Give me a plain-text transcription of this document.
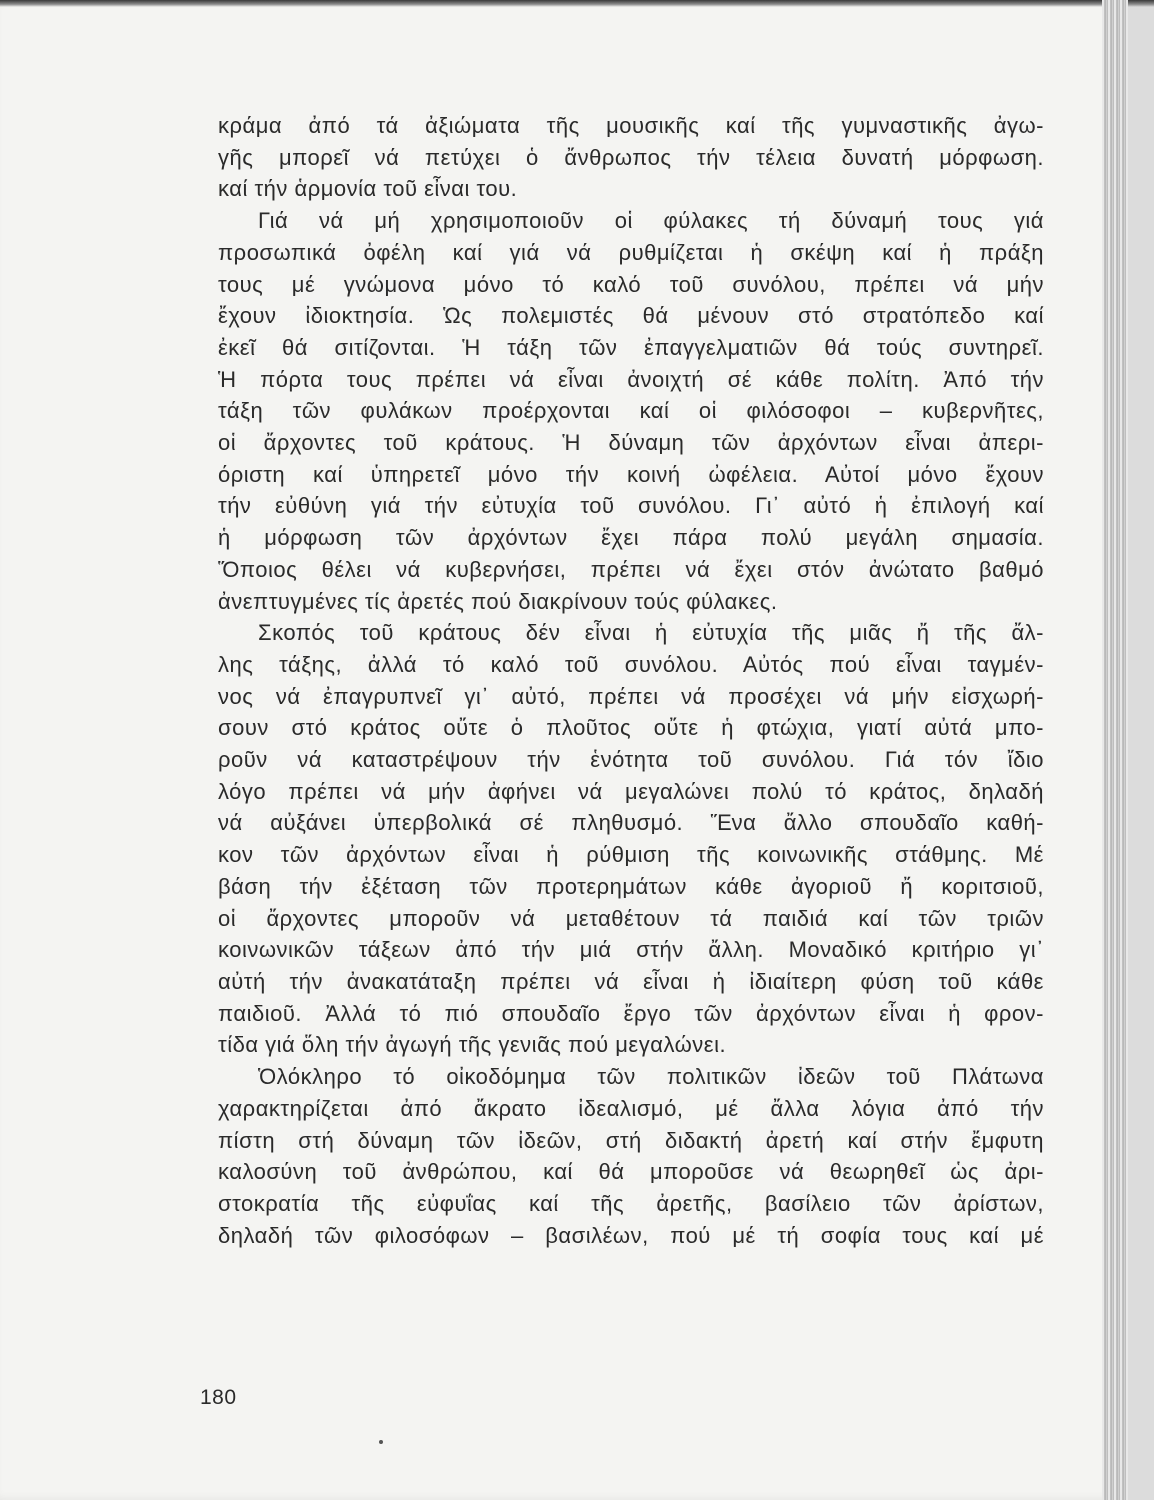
κράμα ἀπό τά ἀξιώματα τῆς μουσικῆς καί τῆς γυμναστικῆς ἀγω-
γῆς μπορεῖ νά πετύχει ὁ ἄνθρωπος τήν τέλεια δυνατή μόρφωση.
καί τήν ἁρμονία τοῦ εἶναι του.
Γιά νά μή χρησιμοποιοῦν οἱ φύλακες τή δύναμή τους γιά
προσωπικά ὀφέλη καί γιά νά ρυθμίζεται ἡ σκέψη καί ἡ πράξη
τους μέ γνώμονα μόνο τό καλό τοῦ συνόλου, πρέπει νά μήν
ἔχουν ἰδιοκτησία. Ὡς πολεμιστές θά μένουν στό στρατόπεδο καί
ἐκεῖ θά σιτίζονται. Ἡ τάξη τῶν ἐπαγγελματιῶν θά τούς συντηρεῖ.
Ἡ πόρτα τους πρέπει νά εἶναι ἀνοιχτή σέ κάθε πολίτη. Ἀπό τήν
τάξη τῶν φυλάκων προέρχονται καί οἱ φιλόσοφοι – κυβερνῆτες,
οἱ ἄρχοντες τοῦ κράτους. Ἡ δύναμη τῶν ἀρχόντων εἶναι ἀπερι-
όριστη καί ὑπηρετεῖ μόνο τήν κοινή ὠφέλεια. Αὐτοί μόνο ἔχουν
τήν εὐθύνη γιά τήν εὐτυχία τοῦ συνόλου. Γι᾽ αὐτό ἡ ἐπιλογή καί
ἡ μόρφωση τῶν ἀρχόντων ἔχει πάρα πολύ μεγάλη σημασία.
Ὅποιος θέλει νά κυβερνήσει, πρέπει νά ἔχει στόν ἀνώτατο βαθμό
ἀνεπτυγμένες τίς ἀρετές πού διακρίνουν τούς φύλακες.
Σκοπός τοῦ κράτους δέν εἶναι ἡ εὐτυχία τῆς μιᾶς ἤ τῆς ἄλ-
λης τάξης, ἀλλά τό καλό τοῦ συνόλου. Αὐτός πού εἶναι ταγμέν-
νος νά ἐπαγρυπνεῖ γι᾽ αὐτό, πρέπει νά προσέχει νά μήν εἰσχωρή-
σουν στό κράτος οὔτε ὁ πλοῦτος οὔτε ἡ φτώχια, γιατί αὐτά μπο-
ροῦν νά καταστρέψουν τήν ἑνότητα τοῦ συνόλου. Γιά τόν ἴδιο
λόγο πρέπει νά μήν ἀφήνει νά μεγαλώνει πολύ τό κράτος, δηλαδή
νά αὐξάνει ὑπερβολικά σέ πληθυσμό. Ἕνα ἄλλο σπουδαῖο καθή-
κον τῶν ἀρχόντων εἶναι ἡ ρύθμιση τῆς κοινωνικῆς στάθμης. Μέ
βάση τήν ἐξέταση τῶν προτερημάτων κάθε ἀγοριοῦ ἤ κοριτσιοῦ,
οἱ ἄρχοντες μποροῦν νά μεταθέτουν τά παιδιά καί τῶν τριῶν
κοινωνικῶν τάξεων ἀπό τήν μιά στήν ἄλλη. Μοναδικό κριτήριο γι᾽
αὐτή τήν ἀνακατάταξη πρέπει νά εἶναι ἡ ἰδιαίτερη φύση τοῦ κάθε
παιδιοῦ. Ἀλλά τό πιό σπουδαῖο ἔργο τῶν ἀρχόντων εἶναι ἡ φρον-
τίδα γιά ὅλη τήν ἀγωγή τῆς γενιᾶς πού μεγαλώνει.
Ὁλόκληρο τό οἰκοδόμημα τῶν πολιτικῶν ἰδεῶν τοῦ Πλάτωνα
χαρακτηρίζεται ἀπό ἄκρατο ἰδεαλισμό, μέ ἄλλα λόγια ἀπό τήν
πίστη στή δύναμη τῶν ἰδεῶν, στή διδακτή ἀρετή καί στήν ἔμφυτη
καλοσύνη τοῦ ἀνθρώπου, καί θά μποροῦσε νά θεωρηθεῖ ὡς ἀρι-
στοκρατία τῆς εὐφυΐας καί τῆς ἀρετῆς, βασίλειο τῶν ἀρίστων,
δηλαδή τῶν φιλοσόφων – βασιλέων, πού μέ τή σοφία τους καί μέ
180
